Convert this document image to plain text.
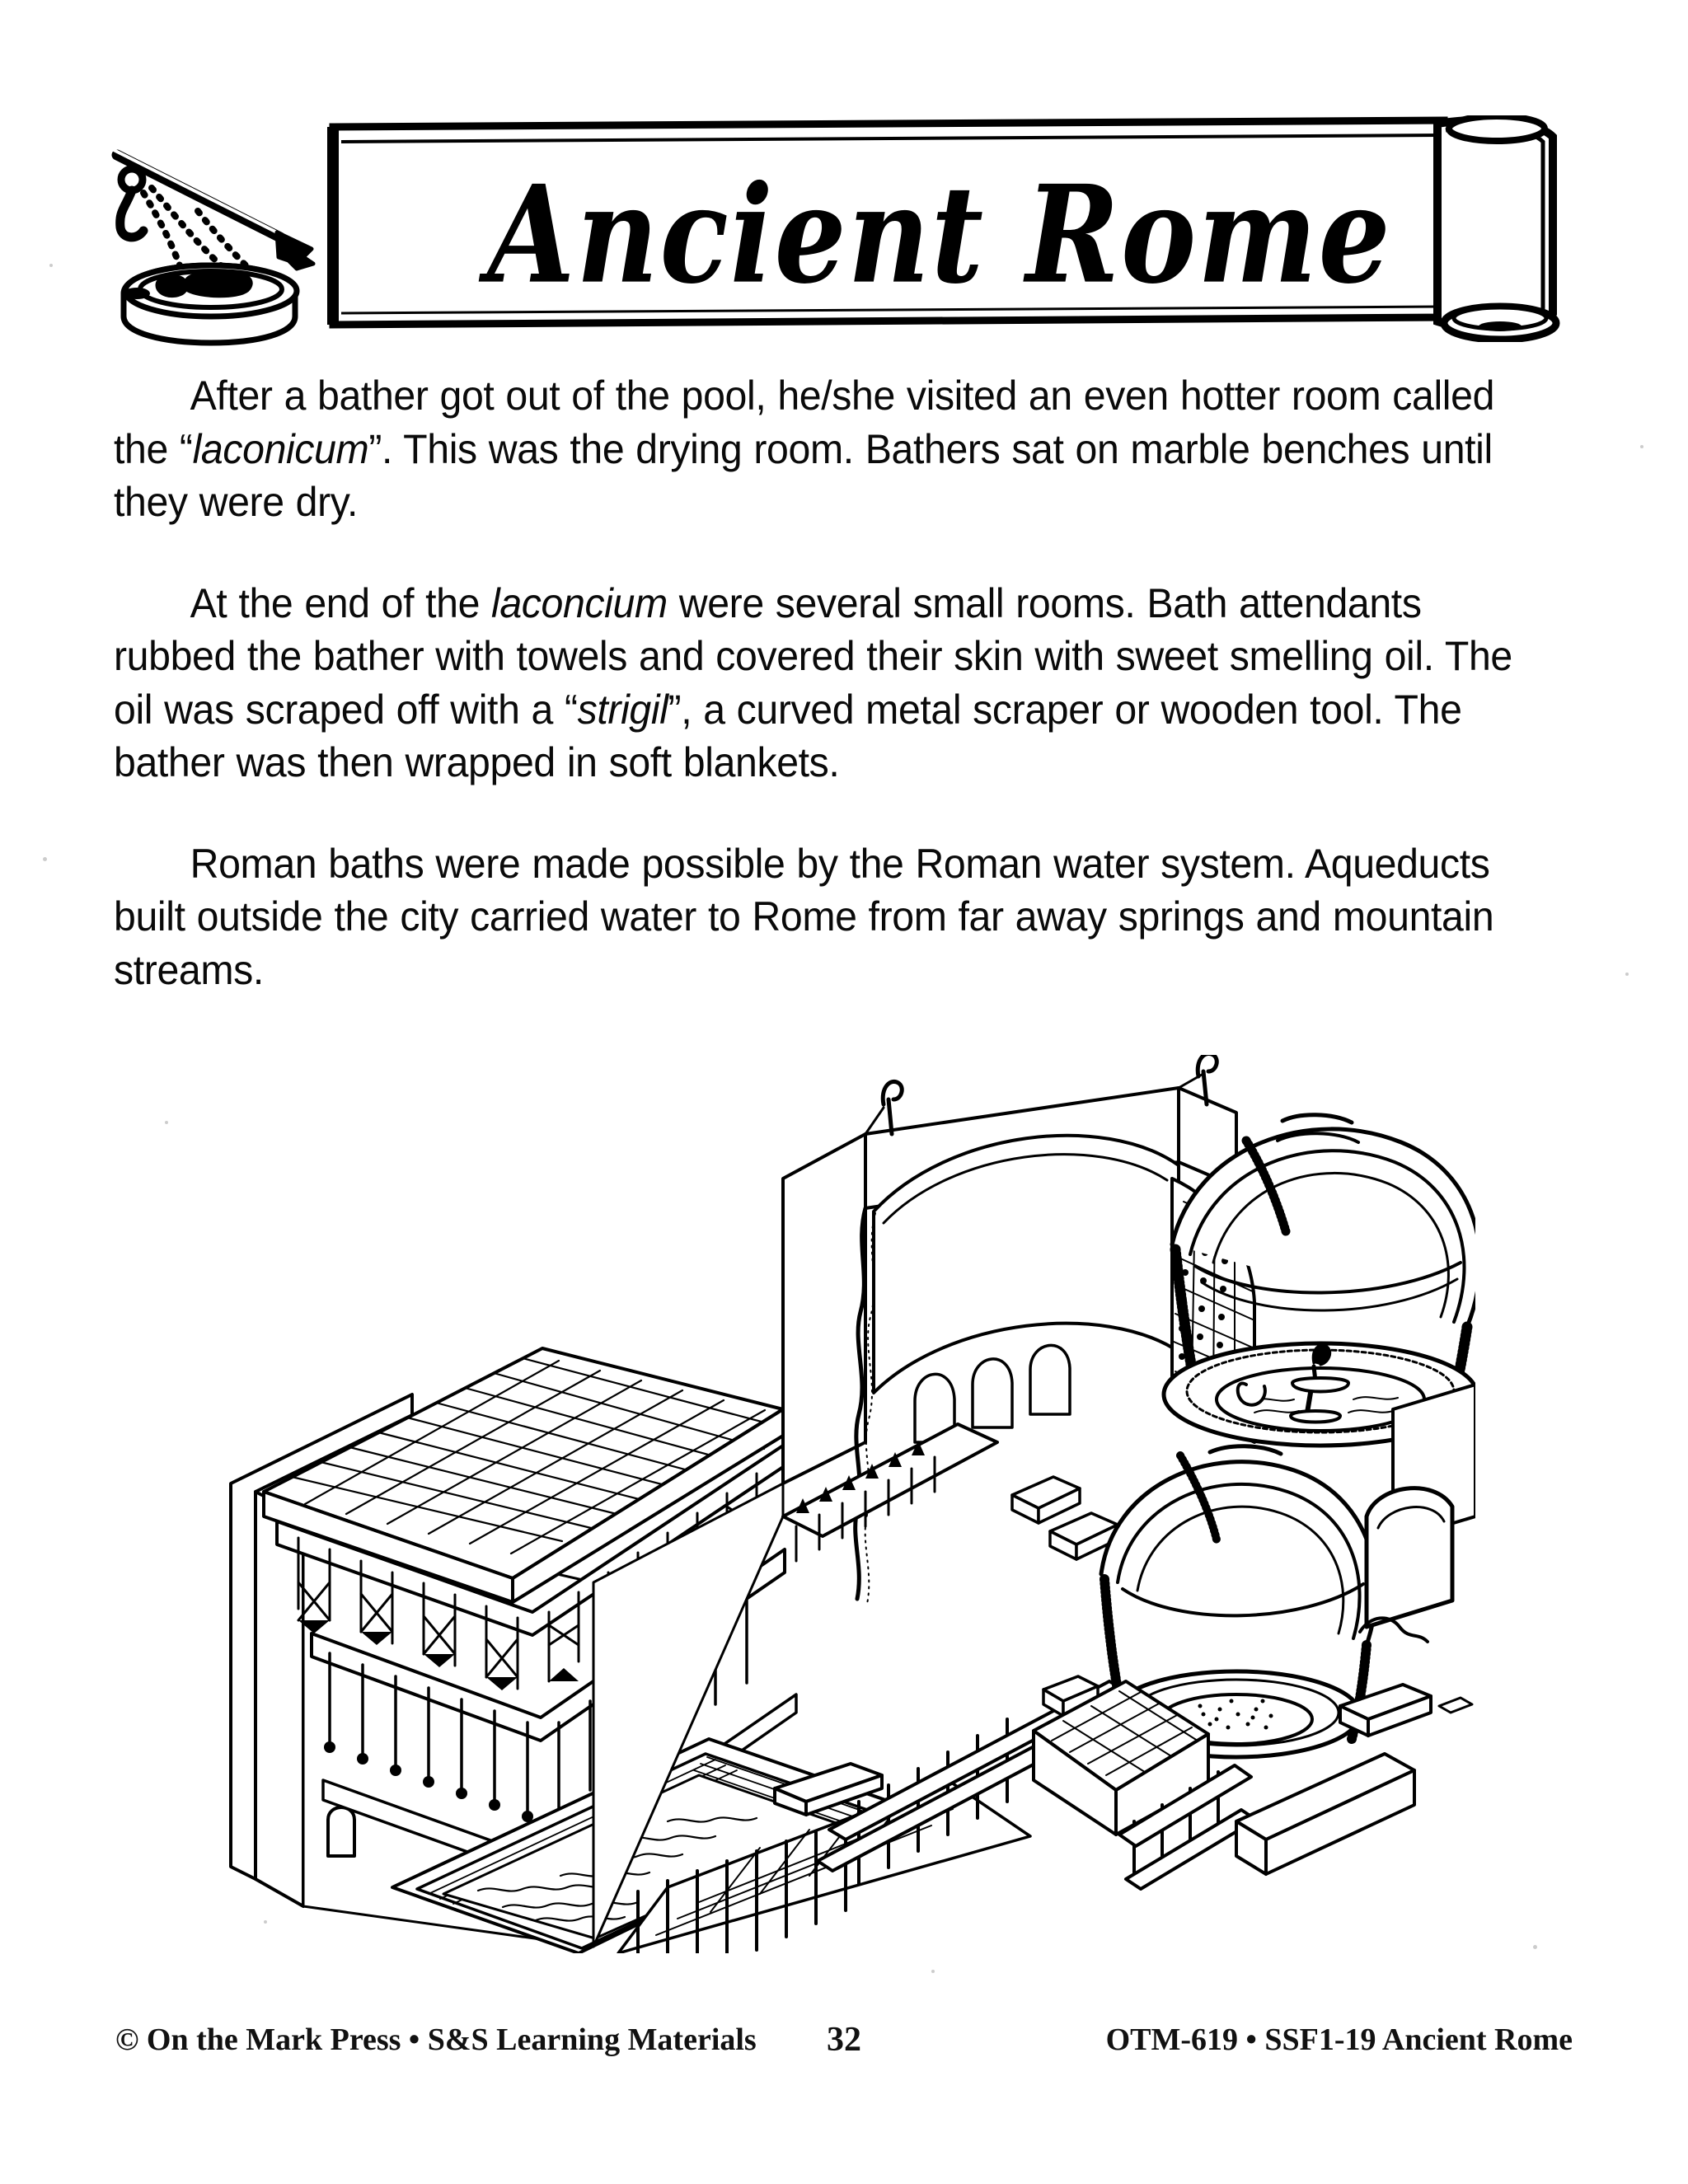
Ancient Rome

After a bather got out of the pool, he/she visited an even hotter room called the “laconicum”. This was the drying room. Bathers sat on marble benches until they were dry.

At the end of the laconcium were several small rooms. Bath attendants rubbed the bather with towels and covered their skin with sweet smelling oil. The oil was scraped off with a “strigil”, a curved metal scraper or wooden tool. The bather was then wrapped in soft blankets.

Roman baths were made possible by the Roman water system. Aqueducts built outside the city carried water to Rome from far away springs and mountain streams.

© On the Mark Press • S&S Learning Materials	32	OTM-619 • SSF1-19 Ancient Rome
